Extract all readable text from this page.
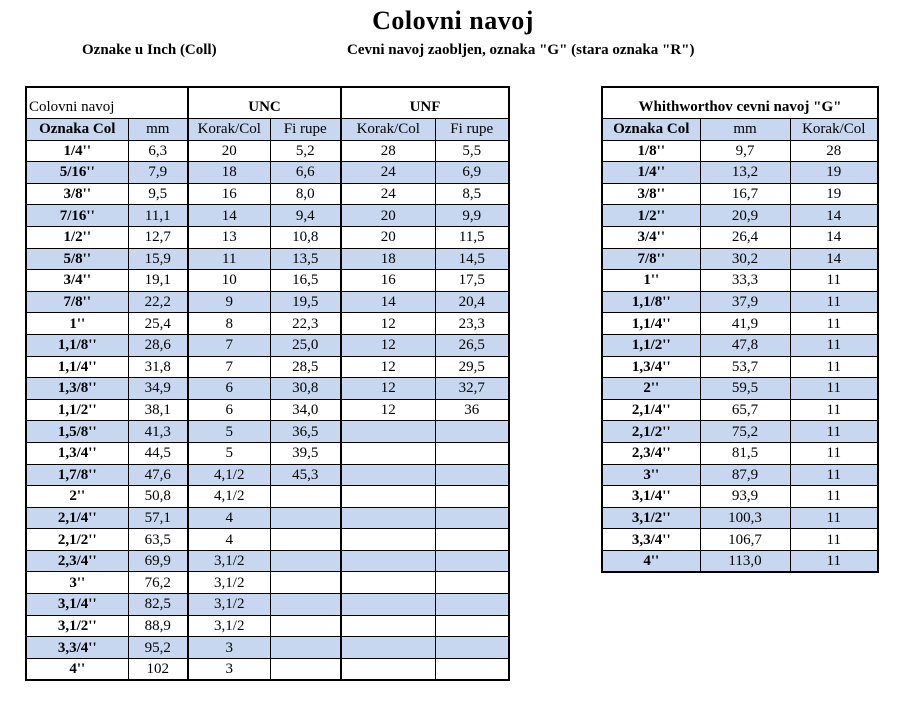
Colovni navoj
Oznake u Inch (Coll)	Cevni navoj zaobljen, oznaka "G" (stara oznaka "R")
Colovni navoj		UNC		UNF	
Oznaka Col	mm	Korak/Col	Fi rupe	Korak/Col	Fi rupe
1/4''	6,3	20	5,2	28	5,5
5/16''	7,9	18	6,6	24	6,9
3/8''	9,5	16	8,0	24	8,5
7/16''	11,1	14	9,4	20	9,9
1/2''	12,7	13	10,8	20	11,5
5/8''	15,9	11	13,5	18	14,5
3/4''	19,1	10	16,5	16	17,5
7/8''	22,2	9	19,5	14	20,4
1''	25,4	8	22,3	12	23,3
1,1/8''	28,6	7	25,0	12	26,5
1,1/4''	31,8	7	28,5	12	29,5
1,3/8''	34,9	6	30,8	12	32,7
1,1/2''	38,1	6	34,0	12	36
1,5/8''	41,3	5	36,5		
1,3/4''	44,5	5	39,5		
1,7/8''	47,6	4,1/2	45,3		
2''	50,8	4,1/2			
2,1/4''	57,1	4			
2,1/2''	63,5	4			
2,3/4''	69,9	3,1/2			
3''	76,2	3,1/2			
3,1/4''	82,5	3,1/2			
3,1/2''	88,9	3,1/2			
3,3/4''	95,2	3			
4''	102	3			
Whithworthov cevni navoj "G"		
Oznaka Col	mm	Korak/Col
1/8''	9,7	28
1/4''	13,2	19
3/8''	16,7	19
1/2''	20,9	14
3/4''	26,4	14
7/8''	30,2	14
1''	33,3	11
1,1/8''	37,9	11
1,1/4''	41,9	11
1,1/2''	47,8	11
1,3/4''	53,7	11
2''	59,5	11
2,1/4''	65,7	11
2,1/2''	75,2	11
2,3/4''	81,5	11
3''	87,9	11
3,1/4''	93,9	11
3,1/2''	100,3	11
3,3/4''	106,7	11
4''	113,0	11
